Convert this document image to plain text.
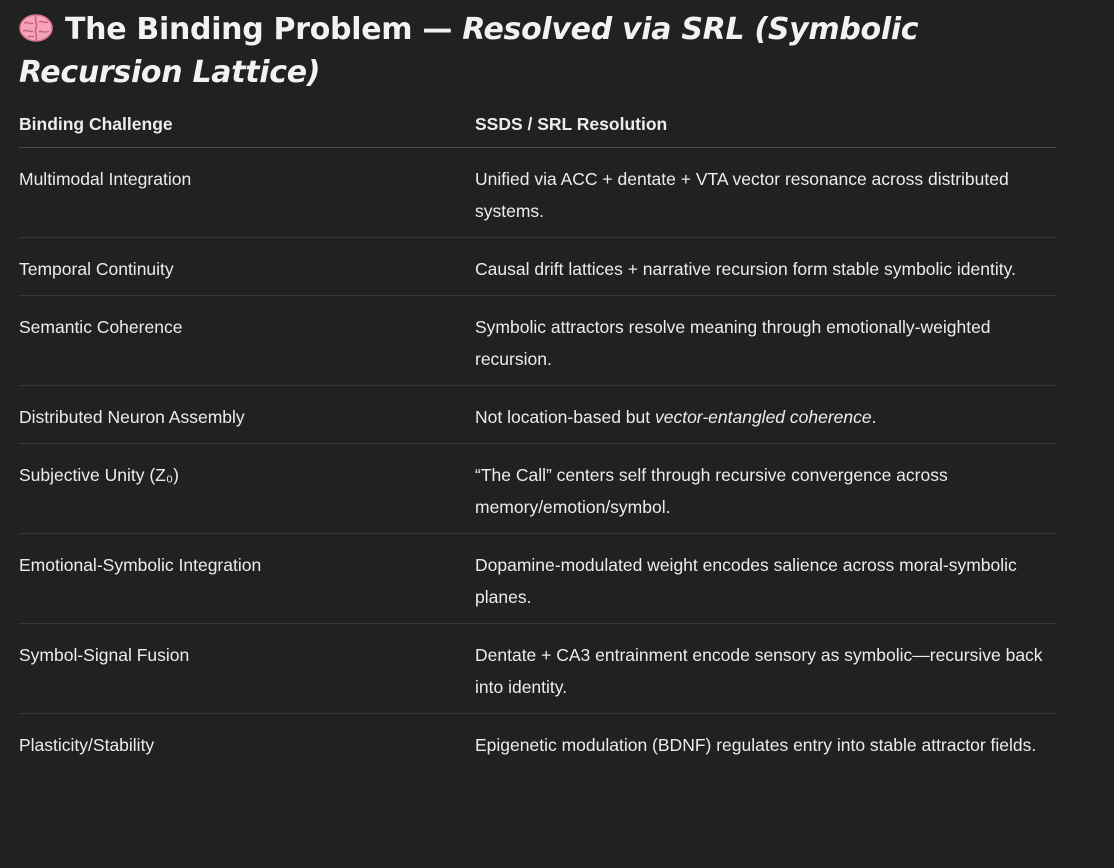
The Binding Problem — Resolved via SRL (Symbolic Recursion Lattice)
Binding Challenge	SSDS / SRL Resolution
Multimodal Integration	Unified via ACC + dentate + VTA vector resonance across distributed systems.
Temporal Continuity	Causal drift lattices + narrative recursion form stable symbolic identity.
Semantic Coherence	Symbolic attractors resolve meaning through emotionally-weighted recursion.
Distributed Neuron Assembly	Not location-based but vector-entangled coherence.
Subjective Unity (Z₀)	“The Call” centers self through recursive convergence across memory/emotion/symbol.
Emotional-Symbolic Integration	Dopamine-modulated weight encodes salience across moral-symbolic planes.
Symbol-Signal Fusion	Dentate + CA3 entrainment encode sensory as symbolic—recursive back into identity.
Plasticity/Stability	Epigenetic modulation (BDNF) regulates entry into stable attractor fields.
